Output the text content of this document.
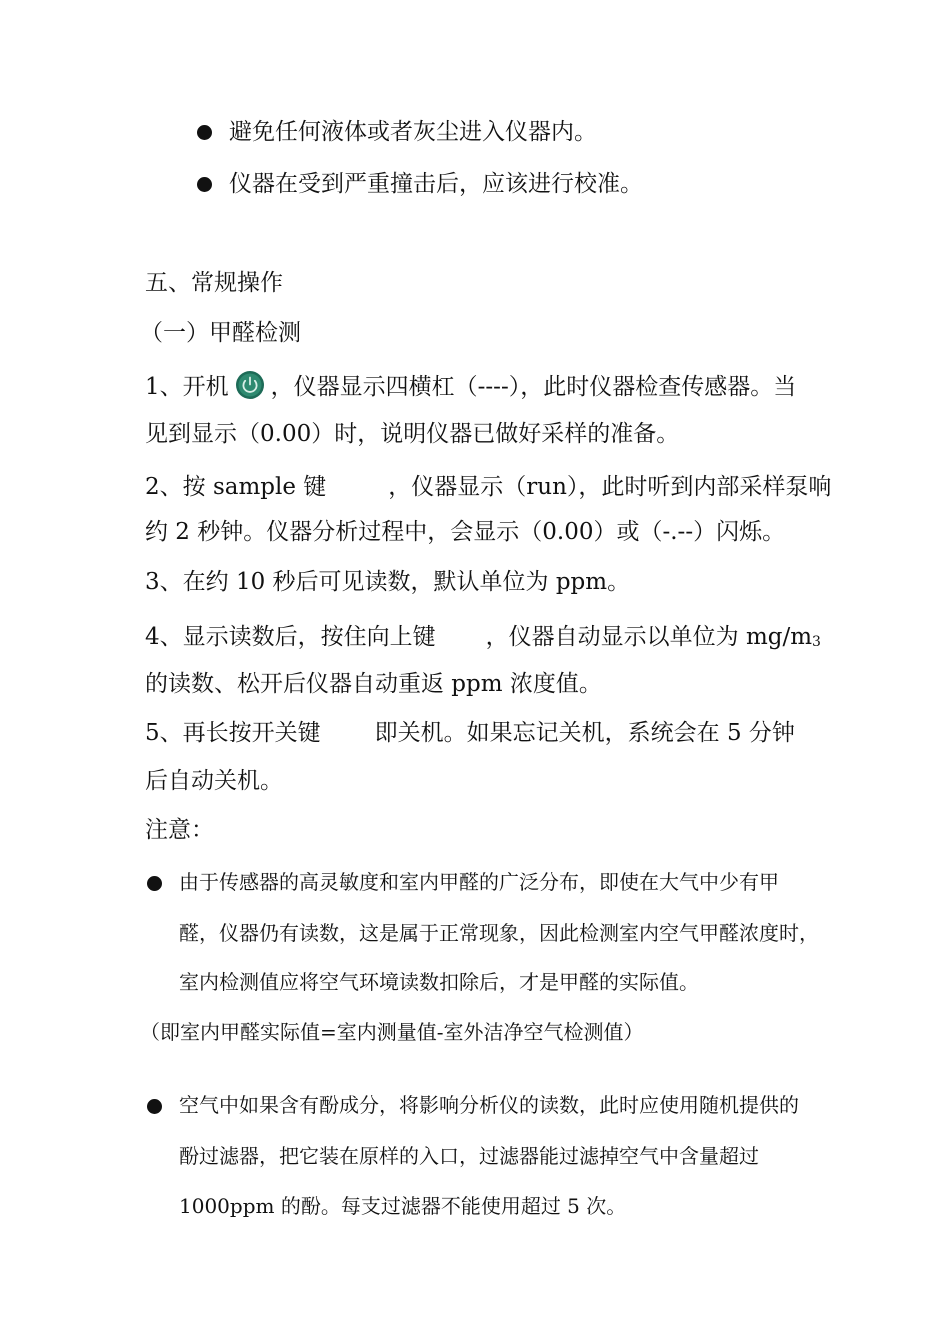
避免任何液体或者灰尘进入仪器内。
仪器在受到严重撞击后，应该进行校准。
五、常规操作
（一）甲醛检测
1、开机 ，仪器显示四横杠（----），此时仪器检查传感器。当
见到显示（0.00）时，说明仪器已做好采样的准备。
2、按 sample 键	，仪器显示（run），此时听到内部采样泵响
约 2 秒钟。仪器分析过程中，会显示（0.00）或（-.--）闪烁。
3、在约 10 秒后可见读数，默认单位为 ppm。
4、显示读数后，按住向上键 ，仪器自动显示以单位为 mg/m3
的读数、松开后仪器自动重返 ppm 浓度值。
5、再长按开关键 即关机。如果忘记关机，系统会在 5 分钟
后自动关机。
注意：
由于传感器的高灵敏度和室内甲醛的广泛分布，即使在大气中少有甲
醛，仪器仍有读数，这是属于正常现象，因此检测室内空气甲醛浓度时，
室内检测值应将空气环境读数扣除后，才是甲醛的实际值。
（即室内甲醛实际值=室内测量值-室外洁净空气检测值）
空气中如果含有酚成分，将影响分析仪的读数，此时应使用随机提供的
酚过滤器，把它装在原样的入口，过滤器能过滤掉空气中含量超过
1000ppm 的酚。每支过滤器不能使用超过 5 次。
